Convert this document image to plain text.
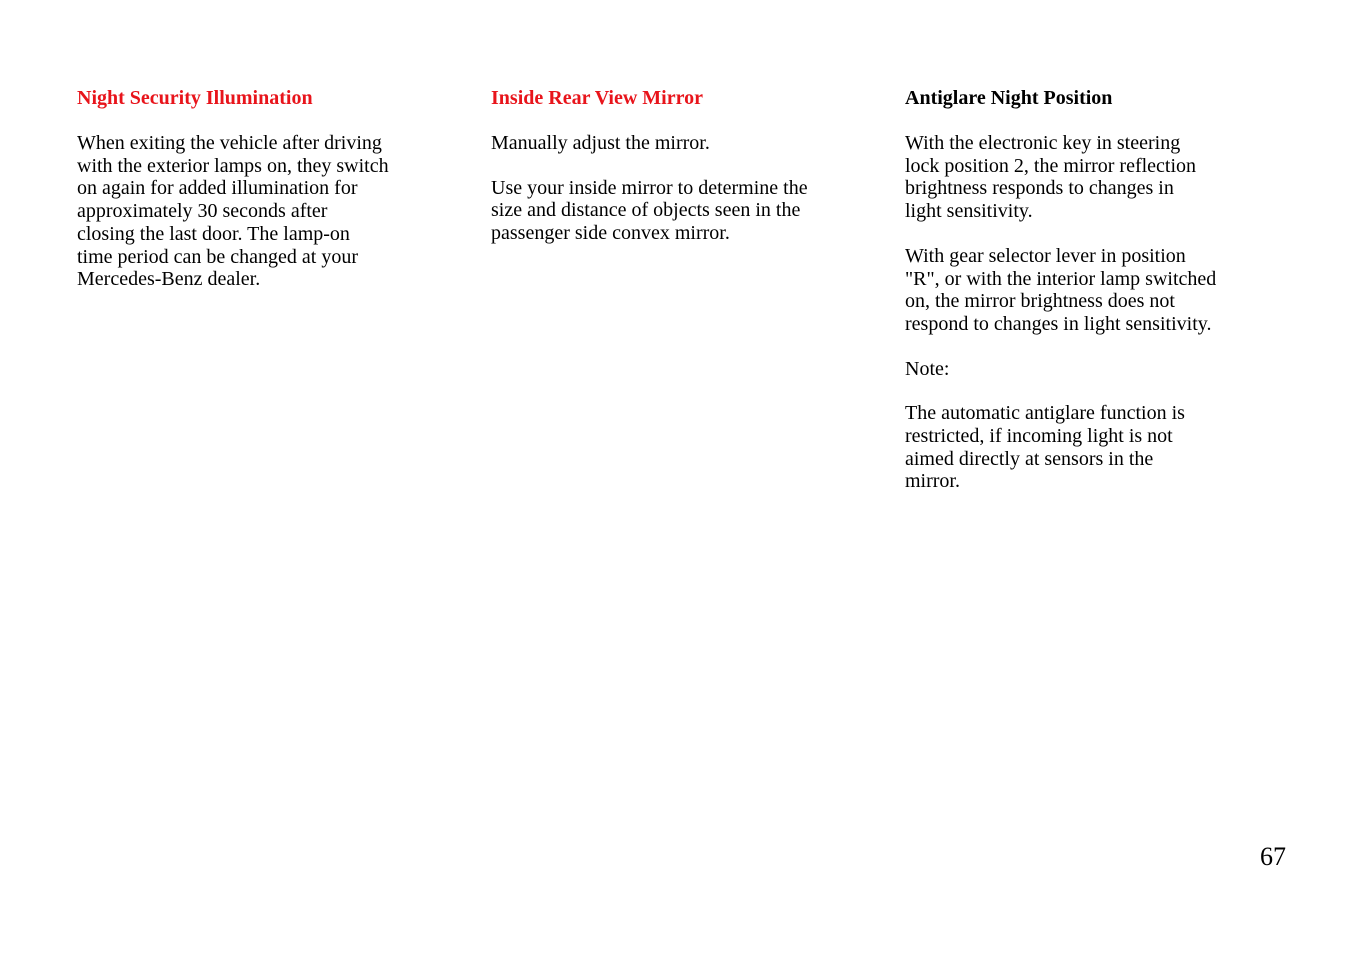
Night Security Illumination
When exiting the vehicle after driving
with the exterior lamps on, they switch
on again for added illumination for
approximately 30 seconds after
closing the last door. The lamp-on
time period can be changed at your
Mercedes-Benz dealer.
Inside Rear View Mirror
Manually adjust the mirror.
Use your inside mirror to determine the
size and distance of objects seen in the
passenger side convex mirror.
Antiglare Night Position
With the electronic key in steering
lock position 2, the mirror reflection
brightness responds to changes in
light sensitivity.
With gear selector lever in position
"R", or with the interior lamp switched
on, the mirror brightness does not
respond to changes in light sensitivity.
Note:
The automatic antiglare function is
restricted, if incoming light is not
aimed directly at sensors in the
mirror.
67
